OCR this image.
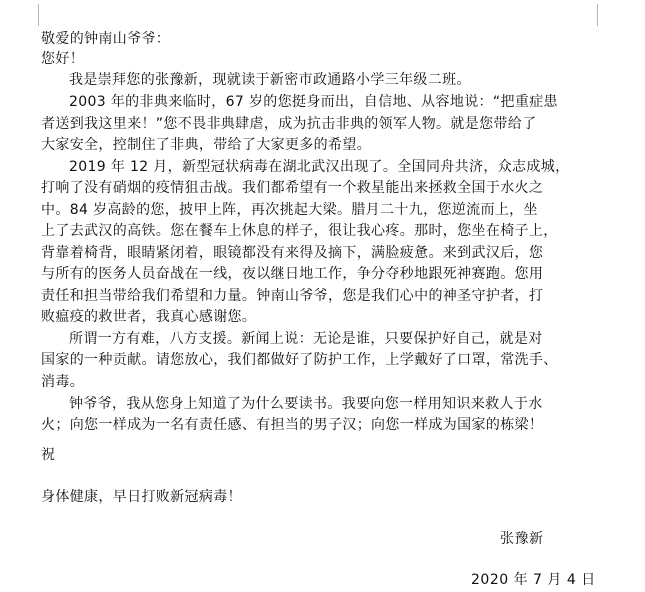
敬爱的钟南山爷爷：
您好！
我是崇拜您的张豫新，现就读于新密市政通路小学三年级二班。
2003 年的非典来临时，67 岁的您挺身而出，自信地、从容地说：“把重症患
者送到我这里来！”您不畏非典肆虐，成为抗击非典的领军人物。就是您带给了
大家安全，控制住了非典，带给了大家更多的希望。
2019 年 12 月，新型冠状病毒在湖北武汉出现了。全国同舟共济，众志成城，
打响了没有硝烟的疫情狙击战。我们都希望有一个救星能出来拯救全国于水火之
中。84 岁高龄的您，披甲上阵，再次挑起大梁。腊月二十九，您逆流而上，坐
上了去武汉的高铁。您在餐车上休息的样子，很让我心疼。那时，您坐在椅子上，
背靠着椅背，眼睛紧闭着，眼镜都没有来得及摘下，满脸疲惫。来到武汉后，您
与所有的医务人员奋战在一线，夜以继日地工作，争分夺秒地跟死神赛跑。您用
责任和担当带给我们希望和力量。钟南山爷爷，您是我们心中的神圣守护者，打
败瘟疫的救世者，我真心感谢您。
所谓一方有难，八方支援。新闻上说：无论是谁，只要保护好自己，就是对
国家的一种贡献。请您放心，我们都做好了防护工作，上学戴好了口罩，常洗手、
消毒。
钟爷爷，我从您身上知道了为什么要读书。我要向您一样用知识来救人于水
火；向您一样成为一名有责任感、有担当的男子汉；向您一样成为国家的栋梁！
祝
身体健康，早日打败新冠病毒！
张豫新
2020 年 7 月 4 日
